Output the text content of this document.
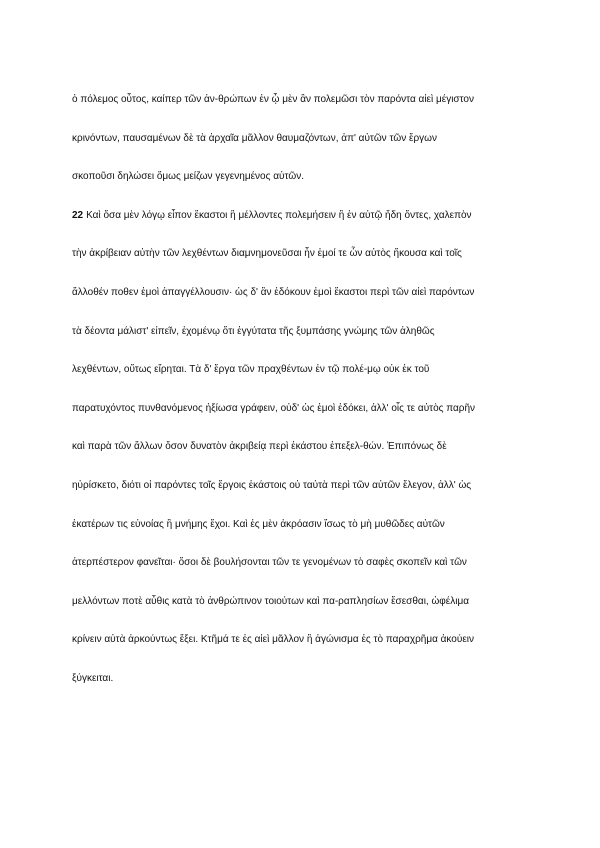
ὁ πόλεμος οὗτος, καίπερ τῶν ἀν-θρώπων ἐν ᾧ μὲν ἂν πολεμῶσι τὸν παρόντα αἰεὶ μέγιστον
κρινόντων, παυσαμένων δὲ τὰ ἀρχαῖα μᾶλλον θαυμαζόντων, ἀπ' αὐτῶν τῶν ἔργων
σκοποῦσι δηλώσει ὅμως μείζων γεγενημένος αὐτῶν.
22 Καὶ ὅσα μὲν λόγῳ εἶπον ἕκαστοι ἢ μέλλοντες πολεμήσειν ἢ ἐν αὐτῷ ἤδη ὄντες, χαλεπὸν
τὴν ἀκρίβειαν αὐτὴν τῶν λεχθέντων διαμνημονεῦσαι ἦν ἐμοί τε ὧν αὐτὸς ἤκουσα καὶ τοῖς
ἄλλοθέν ποθεν ἐμοὶ ἀπαγγέλλουσιν· ὡς δ' ἂν ἐδόκουν ἐμοὶ ἕκαστοι περὶ τῶν αἰεὶ παρόντων
τὰ δέοντα μάλιστ' εἰπεῖν, ἐχομένῳ ὅτι ἐγγύτατα τῆς ξυμπάσης γνώμης τῶν ἀληθῶς
λεχθέντων, οὕτως εἴρηται. Τὰ δ' ἔργα τῶν πραχθέντων ἐν τῷ πολέ-μῳ οὐκ ἐκ τοῦ
παρατυχόντος πυνθανόμενος ἠξίωσα γράφειν, οὐδ' ὡς ἐμοὶ ἐδόκει, ἀλλ' οἷς τε αὐτὸς παρῆν
καὶ παρὰ τῶν ἄλλων ὅσον δυνατὸν ἀκριβείᾳ περὶ ἑκάστου ἐπεξελ-θών. Ἐπιπόνως δὲ
ηὑρίσκετο, διότι οἱ παρόντες τοῖς ἔργοις ἑκάστοις οὐ ταὐτὰ περὶ τῶν αὐτῶν ἔλεγον, ἀλλ' ὡς
ἑκατέρων τις εὐνοίας ἢ μνήμης ἔχοι. Καὶ ἐς μὲν ἀκρόασιν ἴσως τὸ μὴ μυθῶδες αὐτῶν
ἀτερπέστερον φανεῖται· ὅσοι δὲ βουλήσονται τῶν τε γενομένων τὸ σαφὲς σκοπεῖν καὶ τῶν
μελλόντων ποτὲ αὖθις κατὰ τὸ ἀνθρώπινον τοιούτων καὶ πα-ραπλησίων ἔσεσθαι, ὠφέλιμα
κρίνειν αὐτὰ ἀρκούντως ἕξει. Κτῆμά τε ἐς αἰεὶ μᾶλλον ἢ ἀγώνισμα ἐς τὸ παραχρῆμα ἀκούειν
ξύγκειται.
